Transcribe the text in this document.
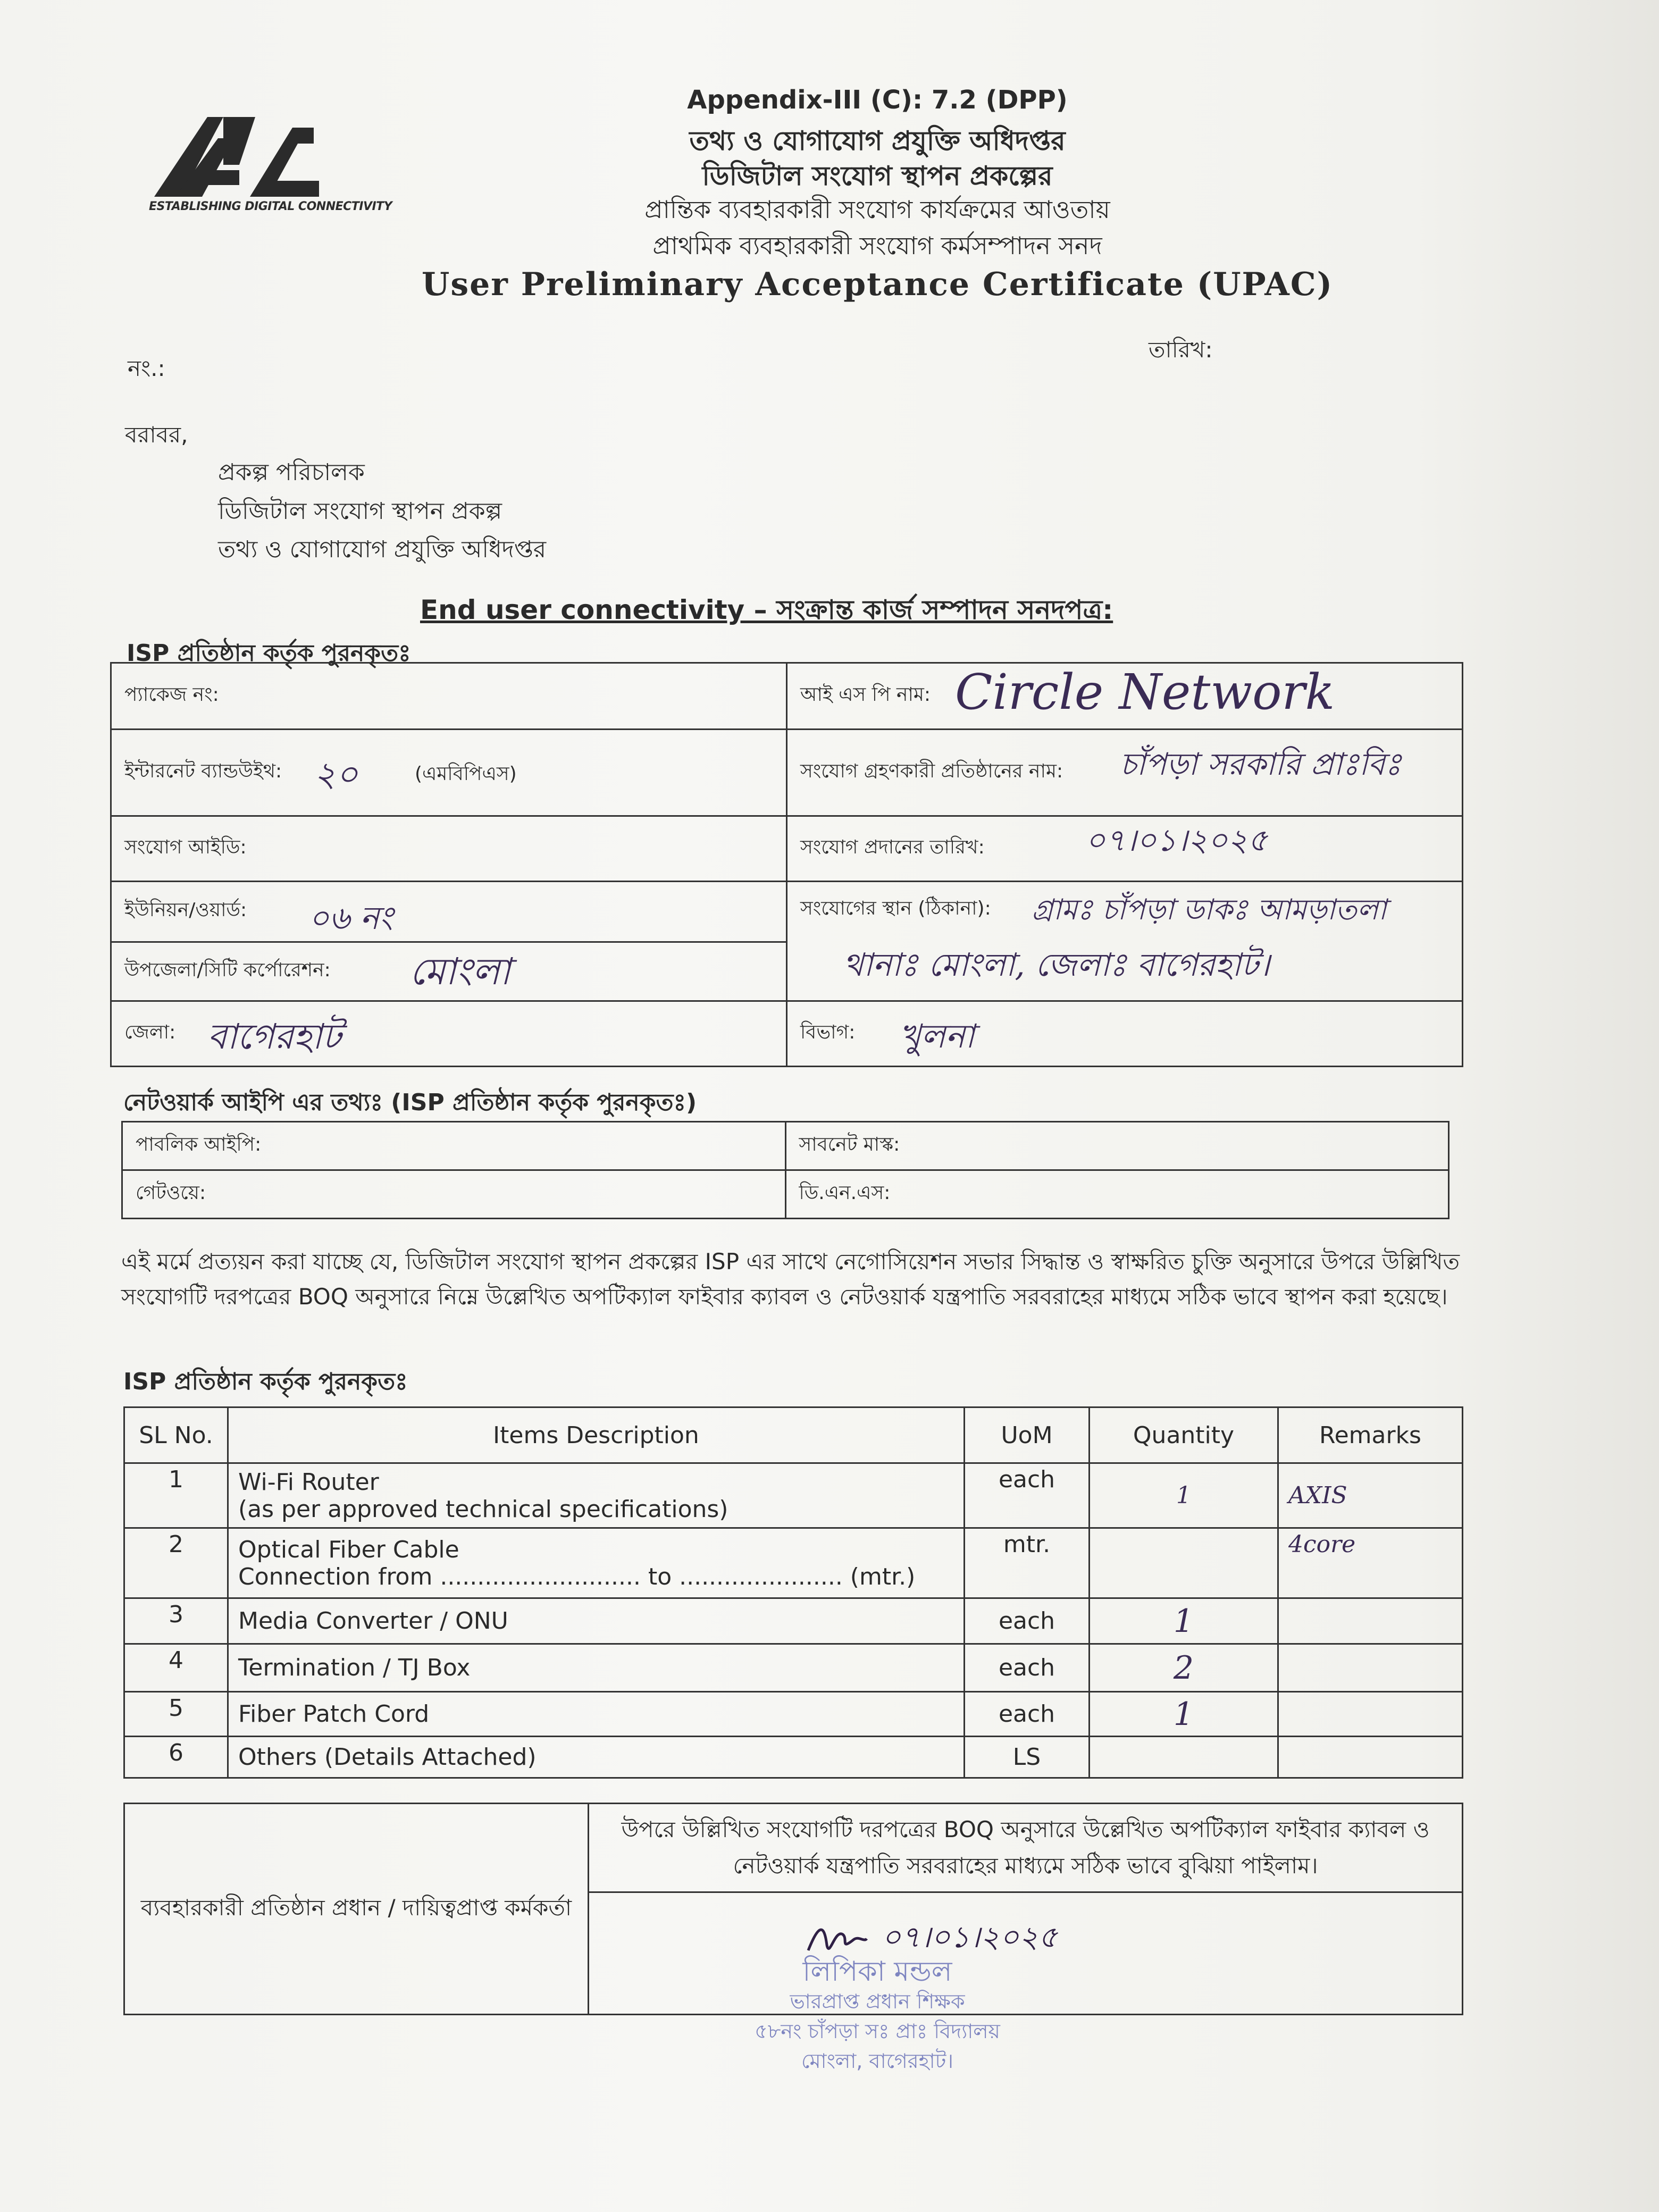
ESTABLISHING DIGITAL CONNECTIVITY
Appendix-III (C): 7.2 (DPP)
তথ্য ও যোগাযোগ প্রযুক্তি অধিদপ্তর
ডিজিটাল সংযোগ স্থাপন প্রকল্পের
প্রান্তিক ব্যবহারকারী সংযোগ কার্যক্রমের আওতায়
প্রাথমিক ব্যবহারকারী সংযোগ কর্মসম্পাদন সনদ
User Preliminary Acceptance Certificate (UPAC)
নং.:
তারিখ:
বরাবর,
প্রকল্প পরিচালক
ডিজিটাল সংযোগ স্থাপন প্রকল্প
তথ্য ও যোগাযোগ প্রযুক্তি অধিদপ্তর
End user connectivity – সংক্রান্ত কার্জ সম্পাদন সনদপত্র:
ISP প্রতিষ্ঠান কর্তৃক পুরনকৃতঃ
প্যাকেজ নং:	আই এস পি নাম: Circle Network

ইন্টারনেট ব্যান্ডউইথ: ২০ (এমবিপিএস)	সংযোগ গ্রহণকারী প্রতিষ্ঠানের নাম: চাঁপড়া সরকারি প্রাঃবিঃ

সংযোগ আইডি:	সংযোগ প্রদানের তারিখ: ০৭।০১।২০২৫

ইউনিয়ন/ওয়ার্ড: ০৬ নং	সংযোগের স্থান (ঠিকানা): গ্রামঃ চাঁপড়া ডাকঃ আমড়াতলা
থানাঃ মোংলা, জেলাঃ বাগেরহাট।

উপজেলা/সিটি কর্পোরেশন: মোংলা	

জেলা: বাগেরহাট	বিভাগ: খুলনা
নেটওয়ার্ক আইপি এর তথ্যঃ (ISP প্রতিষ্ঠান কর্তৃক পুরনকৃতঃ)
পাবলিক আইপি:	সাবনেট মাস্ক:
গেটওয়ে:	ডি.এন.এস:
এই মর্মে প্রত্যয়ন করা যাচ্ছে যে, ডিজিটাল সংযোগ স্থাপন প্রকল্পের ISP এর সাথে নেগোসিয়েশন সভার সিদ্ধান্ত ও স্বাক্ষরিত চুক্তি অনুসারে উপরে উল্লিখিত সংযোগটি দরপত্রের BOQ অনুসারে নিম্নে উল্লেখিত অপটিক্যাল ফাইবার ক্যাবল ও নেটওয়ার্ক যন্ত্রপাতি সরবরাহের মাধ্যমে সঠিক ভাবে স্থাপন করা হয়েছে।
ISP প্রতিষ্ঠান কর্তৃক পুরনকৃতঃ
SL No.	Items Description	UoM	Quantity	Remarks
1	Wi-Fi Router
(as per approved technical specifications)	each	1	AXIS
2	Optical Fiber Cable
Connection from ........................... to ...................... (mtr.)	mtr.		4core
3	Media Converter / ONU	each	1	
4	Termination / TJ Box	each	2	
5	Fiber Patch Cord	each	1	
6	Others (Details Attached)	LS		
ব্যবহারকারী প্রতিষ্ঠান প্রধান / দায়িত্বপ্রাপ্ত কর্মকর্তা	উপরে উল্লিখিত সংযোগটি দরপত্রের BOQ অনুসারে উল্লেখিত অপটিক্যাল ফাইবার ক্যাবল ও নেটওয়ার্ক যন্ত্রপাতি সরবরাহের মাধ্যমে সঠিক ভাবে বুঝিয়া পাইলাম।

০৭।০১।২০২৫
লিপিকা মন্ডল
ভারপ্রাপ্ত প্রধান শিক্ষক
৫৮নং চাঁপড়া সঃ প্রাঃ বিদ্যালয়
মোংলা, বাগেরহাট।
